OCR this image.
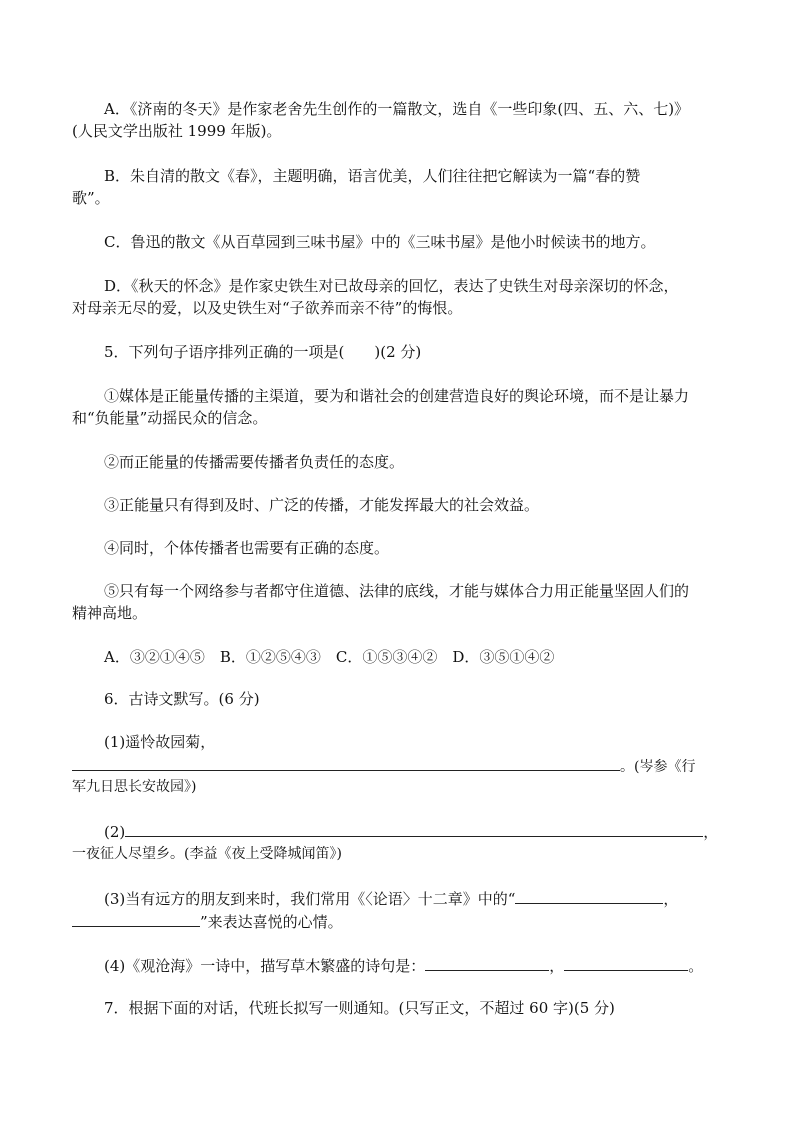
A．《济南的冬天》是作家老舍先生创作的一篇散文，选自《一些印象(四、五、六、七)》

(人民文学出版社 1999 年版)。

B．朱自清的散文《春》，主题明确，语言优美，人们往往把它解读为一篇“春的赞

歌”。

C．鲁迅的散文《从百草园到三味书屋》中的《三味书屋》是他小时候读书的地方。

D．《秋天的怀念》是作家史铁生对已故母亲的回忆，表达了史铁生对母亲深切的怀念，

对母亲无尽的爱，以及史铁生对“子欲养而亲不待”的悔恨。

5．下列句子语序排列正确的一项是(　　)(2 分)

①媒体是正能量传播的主渠道，要为和谐社会的创建营造良好的舆论环境，而不是让暴力

和“负能量”动摇民众的信念。

②而正能量的传播需要传播者负责任的态度。

③正能量只有得到及时、广泛的传播，才能发挥最大的社会效益。

④同时，个体传播者也需要有正确的态度。

⑤只有每一个网络参与者都守住道德、法律的底线，才能与媒体合力用正能量坚固人们的

精神高地。

A．③②①④⑤　B．①②⑤④③　C．①⑤③④②　D．③⑤①④②

6．古诗文默写。(6 分)

(1)遥怜故园菊，

。(岑参《行

军九日思长安故园》)

(2)	，

一夜征人尽望乡。(李益《夜上受降城闻笛》)

(3)当有远方的朋友到来时，我们常用《〈论语〉十二章》中的“	，

”来表达喜悦的心情。

(4)《观沧海》一诗中，描写草木繁盛的诗句是：	，	。

7．根据下面的对话，代班长拟写一则通知。(只写正文，不超过 60 字)(5 分)
